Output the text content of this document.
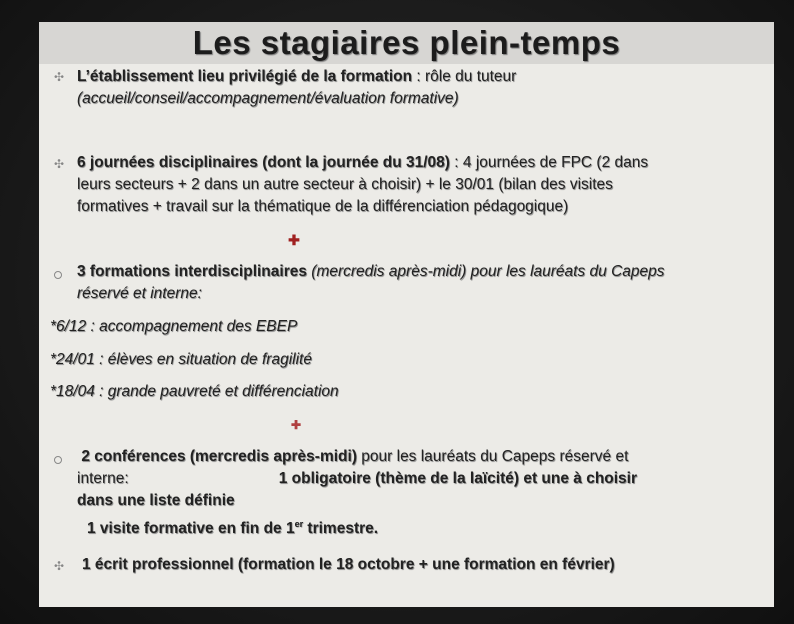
Les stagiaires plein-temps
✣ L’établissement lieu privilégié de la formation : rôle du tuteur
(accueil/conseil/accompagnement/évaluation formative)
✣ 6 journées disciplinaires (dont la journée du 31/08) : 4 journées de FPC (2 dans
leurs secteurs + 2 dans un autre secteur à choisir) + le 30/01 (bilan des visites
formatives + travail sur la thématique de la différenciation pédagogique)
✚
3 formations interdisciplinaires (mercredis après-midi) pour les lauréats du Capeps
réservé et interne:
*6/12 : accompagnement des EBEP
*24/01 : élèves en situation de fragilité
*18/04 : grande pauvreté et différenciation
✚
2 conférences (mercredis après-midi) pour les lauréats du Capeps réservé et
interne:	1 obligatoire (thème de la laïcité) et une à choisir
dans une liste définie
1 visite formative en fin de 1er trimestre.
✣ 1 écrit professionnel (formation le 18 octobre + une formation en février)
